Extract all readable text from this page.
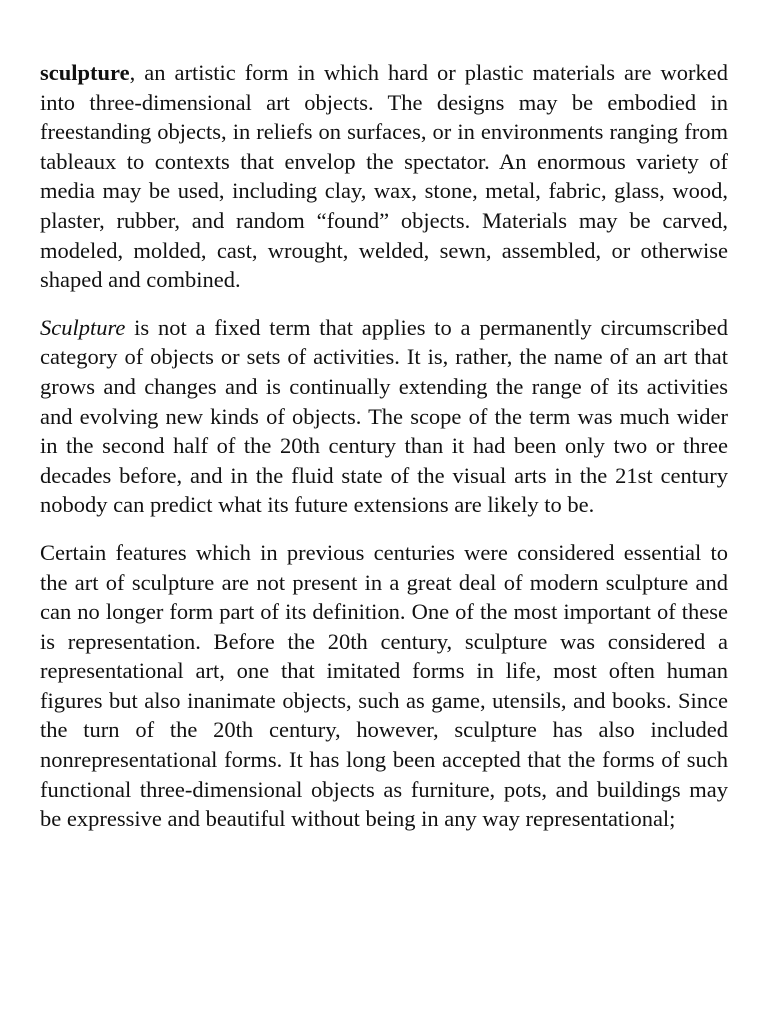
sculpture, an artistic form in which hard or plastic materials are worked into three-dimensional art objects. The designs may be embodied in freestanding objects, in reliefs on surfaces, or in environments ranging from tableaux to contexts that envelop the spectator. An enormous variety of media may be used, including clay, wax, stone, metal, fabric, glass, wood, plaster, rubber, and random “found” objects. Materials may be carved, modeled, molded, cast, wrought, welded, sewn, assembled, or otherwise shaped and combined.

Sculpture is not a fixed term that applies to a permanently circumscribed category of objects or sets of activities. It is, rather, the name of an art that grows and changes and is continually extending the range of its activities and evolving new kinds of objects. The scope of the term was much wider in the second half of the 20th century than it had been only two or three decades before, and in the fluid state of the visual arts in the 21st century nobody can predict what its future extensions are likely to be.

Certain features which in previous centuries were considered essential to the art of sculpture are not present in a great deal of modern sculpture and can no longer form part of its definition. One of the most important of these is representation. Before the 20th century, sculpture was considered a representational art, one that imitated forms in life, most often human figures but also inanimate objects, such as game, utensils, and books. Since the turn of the 20th century, however, sculpture has also included nonrepresentational forms. It has long been accepted that the forms of such functional three-dimensional objects as furniture, pots, and buildings may be expressive and beautiful without being in any way representational;
